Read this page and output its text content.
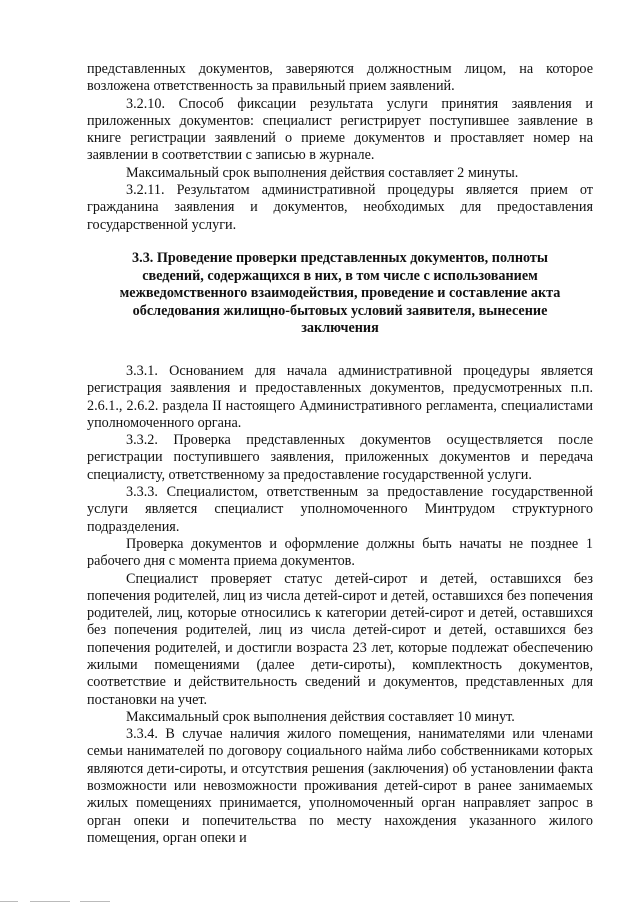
представленных документов, заверяются должностным лицом, на которое возложена ответственность за правильный прием заявлений.

3.2.10. Способ фиксации результата услуги принятия заявления и приложенных документов: специалист регистрирует поступившее заявление в книге регистрации заявлений о приеме документов и проставляет номер на заявлении в соответствии с записью в журнале.

Максимальный срок выполнения действия составляет 2 минуты.

3.2.11. Результатом административной процедуры является прием от гражданина заявления и документов, необходимых для предоставления государственной услуги.

3.3. Проведение проверки представленных документов, полноты
сведений, содержащихся в них, в том числе с использованием
межведомственного взаимодействия, проведение и составление акта
обследования жилищно-бытовых условий заявителя, вынесение
заключения

3.3.1. Основанием для начала административной процедуры является регистрация заявления и предоставленных документов, предусмотренных п.п. 2.6.1., 2.6.2. раздела II настоящего Административного регламента, специалистами уполномоченного органа.

3.3.2. Проверка представленных документов осуществляется после регистрации поступившего заявления, приложенных документов и передача специалисту, ответственному за предоставление государственной услуги.

3.3.3. Специалистом, ответственным за предоставление государственной услуги является специалист уполномоченного Минтрудом структурного подразделения.

Проверка документов и оформление должны быть начаты не позднее 1 рабочего дня с момента приема документов.

Специалист проверяет статус детей-сирот и детей, оставшихся без попечения родителей, лиц из числа детей-сирот и детей, оставшихся без попечения родителей, лиц, которые относились к категории детей-сирот и детей, оставшихся без попечения родителей, лиц из числа детей-сирот и детей, оставшихся без попечения родителей, и достигли возраста 23 лет, которые подлежат обеспечению жилыми помещениями (далее дети-сироты), комплектность документов, соответствие и действительность сведений и документов, представленных для постановки на учет.

Максимальный срок выполнения действия составляет 10 минут.

3.3.4. В случае наличия жилого помещения, нанимателями или членами семьи нанимателей по договору социального найма либо собственниками которых являются дети-сироты, и отсутствия решения (заключения) об установлении факта возможности или невозможности проживания детей-сирот в ранее занимаемых жилых помещениях принимается, уполномоченный орган направляет запрос в орган опеки и попечительства по месту нахождения указанного жилого помещения, орган опеки и
